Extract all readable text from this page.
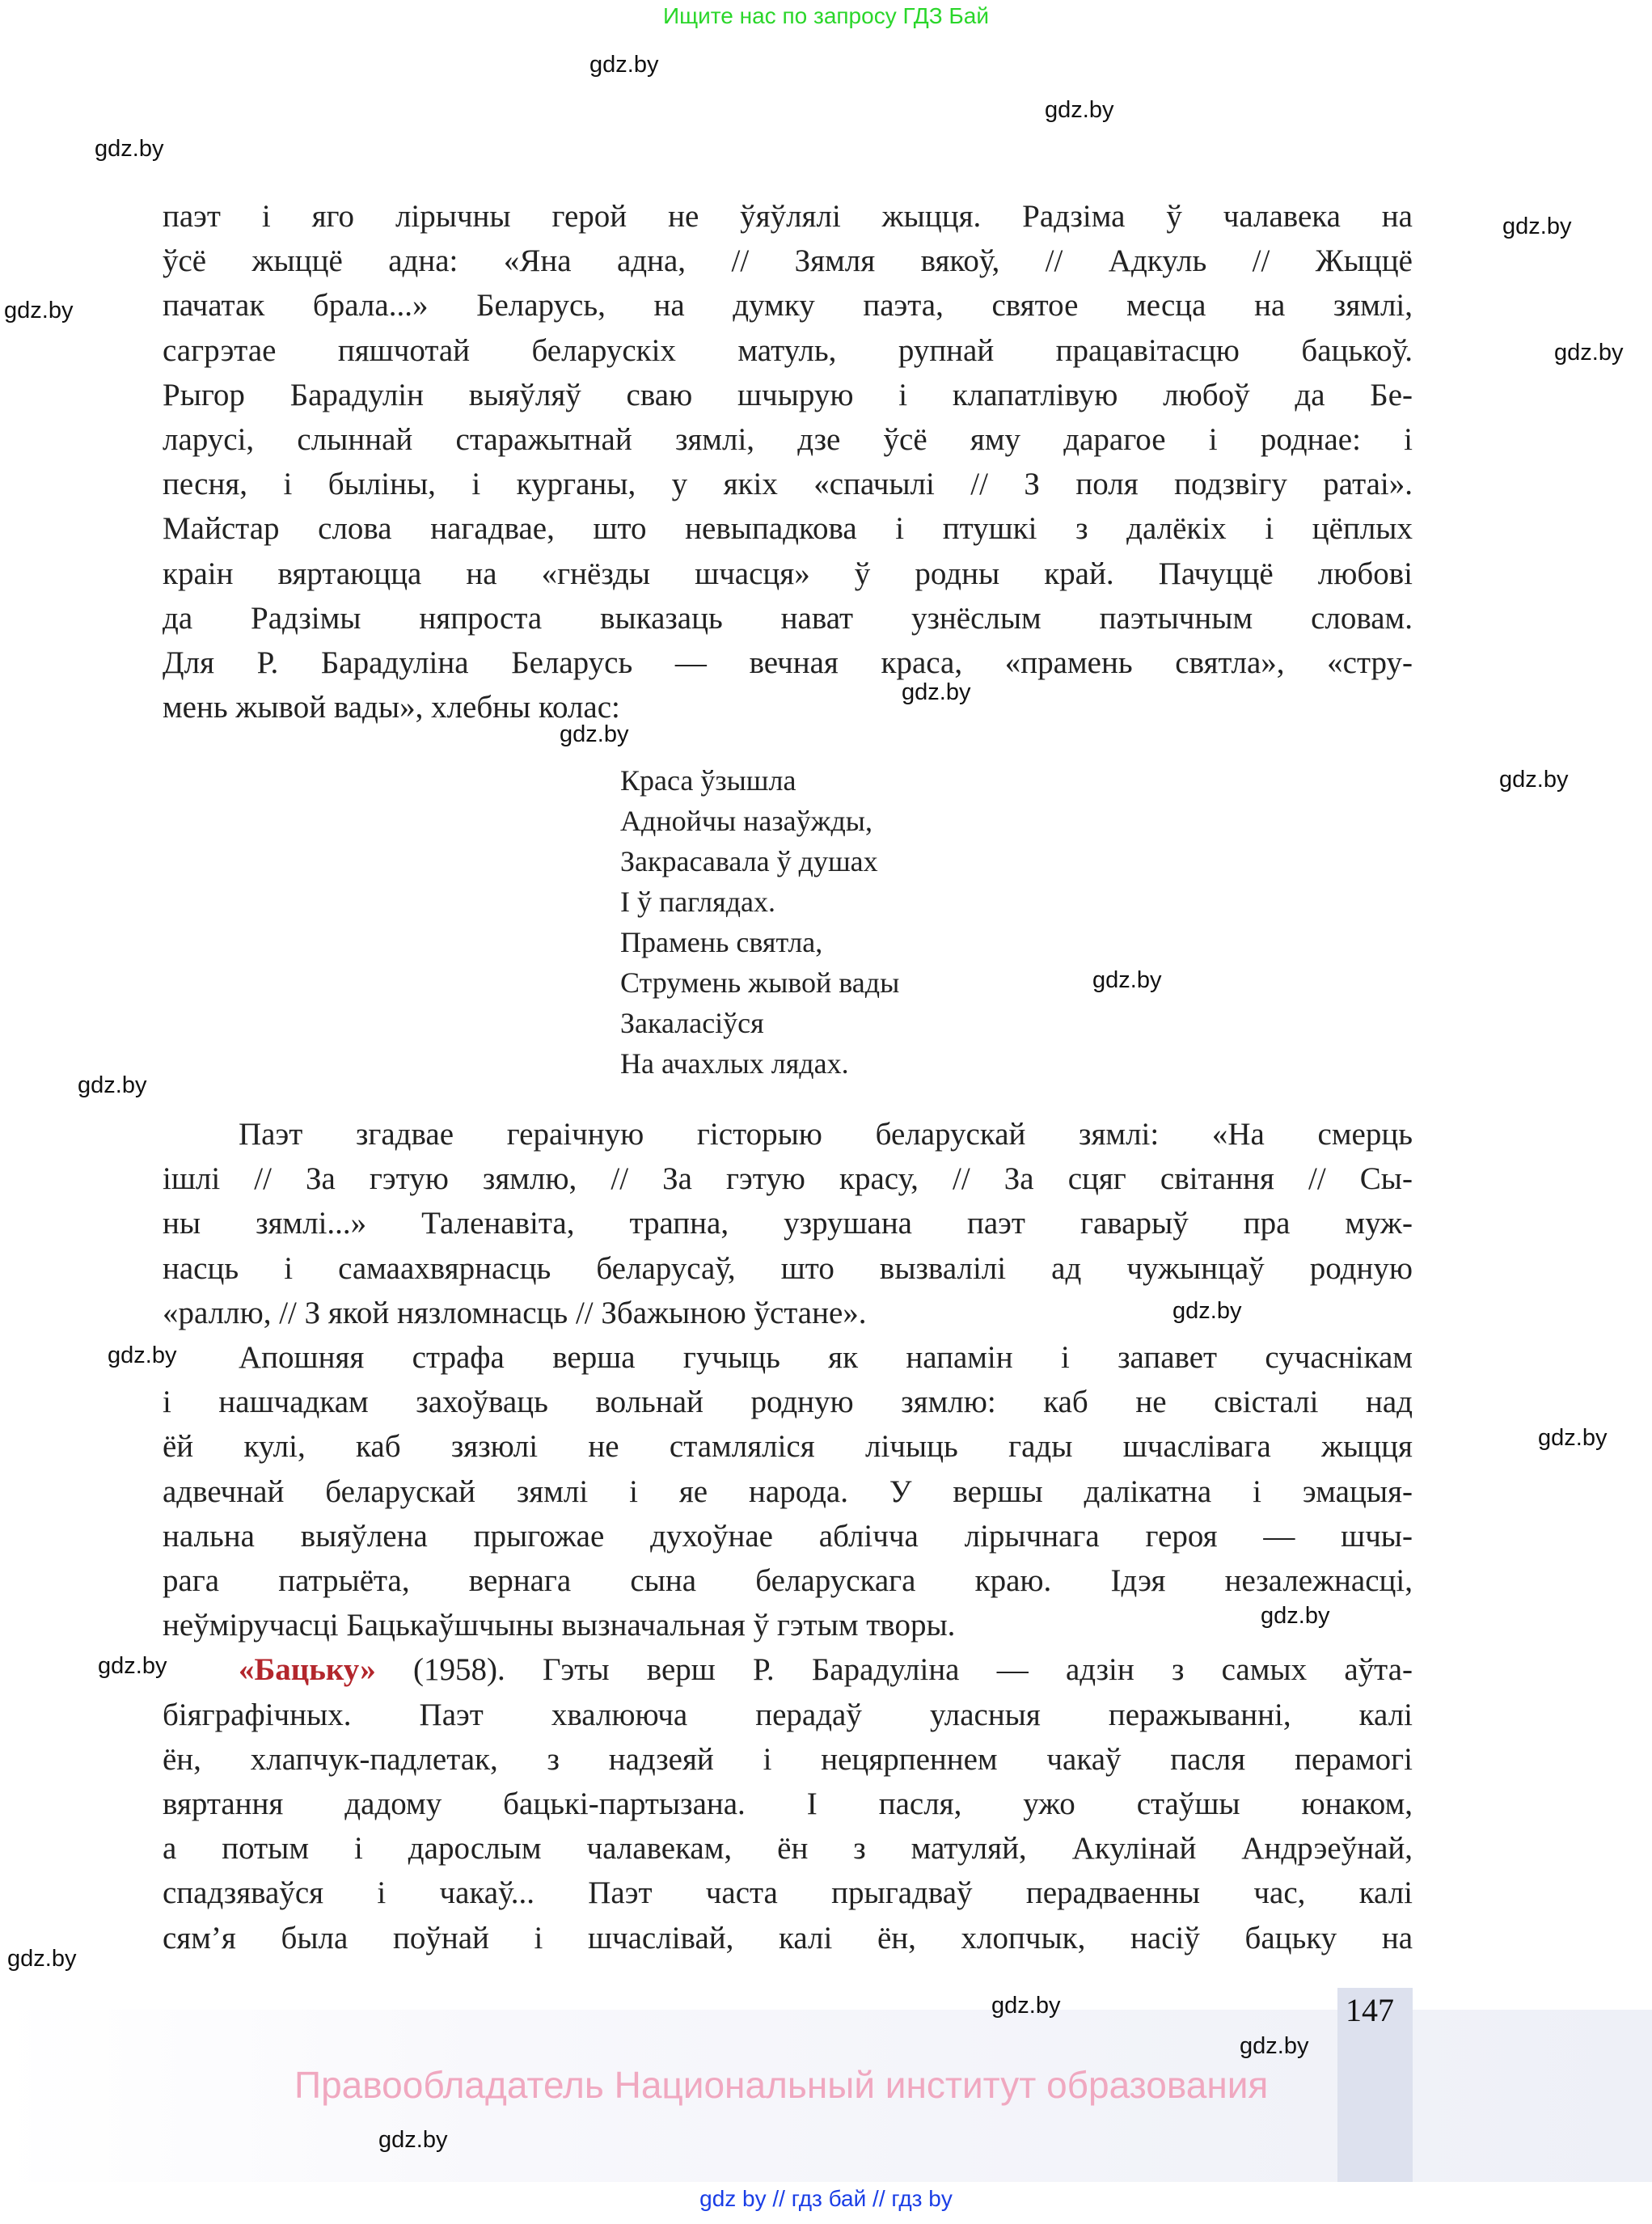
Ищите нас по запросу ГДЗ Бай
паэт і яго лірычны герой не ўяўлялі жыцця. Радзіма ў чалавека на
ўсё жыццё адна: «Яна адна, // Зямля вякоў, // Адкуль // Жыццё
пачатак брала...» Беларусь, на думку паэта, святое месца на зямлі,
сагрэтае пяшчотай беларускіх матуль, рупнай працавітасцю бацькоў.
Рыгор Барадулін выяўляў сваю шчырую і клапатлівую любоў да Бе-
ларусі, слыннай старажытнай зямлі, дзе ўсё яму дарагое і роднае: і
песня, і быліны, і курганы, у якіх «спачылі // З поля подзвігу ратаі».
Майстар слова нагадвае, што невыпадкова і птушкі з далёкіх і цёплых
краін вяртаюцца на «гнёзды шчасця» ў родны край. Пачуццё любові
да Радзімы няпроста выказаць нават узнёслым паэтычным словам.
Для Р. Барадуліна Беларусь — вечная краса, «прамень святла», «стру-
мень жывой вады», хлебны колас:
Паэт згадвае гераічную гісторыю беларускай зямлі: «На смерць
ішлі // За гэтую зямлю, // За гэтую красу, // За сцяг світання // Сы-
ны зямлі...» Таленавіта, трапна, узрушана паэт гаварыў пра муж-
насць і самаахвярнасць беларусаў, што вызвалілі ад чужынцаў родную
«раллю, // З якой нязломнасць // Збажыною ўстане».
Апошняя страфа верша гучыць як напамін і запавет сучаснікам
і нашчадкам захоўваць вольнай родную зямлю: каб не свісталі над
ёй кулі, каб зязюлі не стамляліся лічыць гады шчаслівага жыцця
адвечнай беларускай зямлі і яе народа. У вершы далікатна і эмацыя-
нальна выяўлена прыгожае духоўнае аблічча лірычнага героя — шчы-
рага патрыёта, вернага сына беларускага краю. Ідэя незалежнасці,
неўміручасці Бацькаўшчыны вызначальная ў гэтым творы.
«Бацьку» (1958). Гэты верш Р. Барадуліна — адзін з самых аўта-
біяграфічных. Паэт хвалююча перадаў уласныя перажыванні, калі
ён, хлапчук-падлетак, з надзеяй і нецярпеннем чакаў пасля перамогі
вяртання дадому бацькі-партызана. І пасля, ужо стаўшы юнаком,
а потым і дарослым чалавекам, ён з матуляй, Акулінай Андрэеўнай,
спадзяваўся і чакаў... Паэт часта прыгадваў перадваенны час, калі
сям’я была поўнай і шчаслівай, калі ён, хлопчык, насіў бацьку на
Краса ўзышла
Аднойчы назаўжды,
Закрасавала ў душах
І ў паглядах.
Прамень святла,
Струмень жывой вады
Закаласіўся
На ачахлых лядах.
147
Правообладатель Национальный институт образования
gdz by // гдз бай // гдз by
gdz.by
gdz.by
gdz.by
gdz.by
gdz.by
gdz.by
gdz.by
gdz.by
gdz.by
gdz.by
gdz.by
gdz.by
gdz.by
gdz.by
gdz.by
gdz.by
gdz.by
gdz.by
gdz.by
gdz.by
